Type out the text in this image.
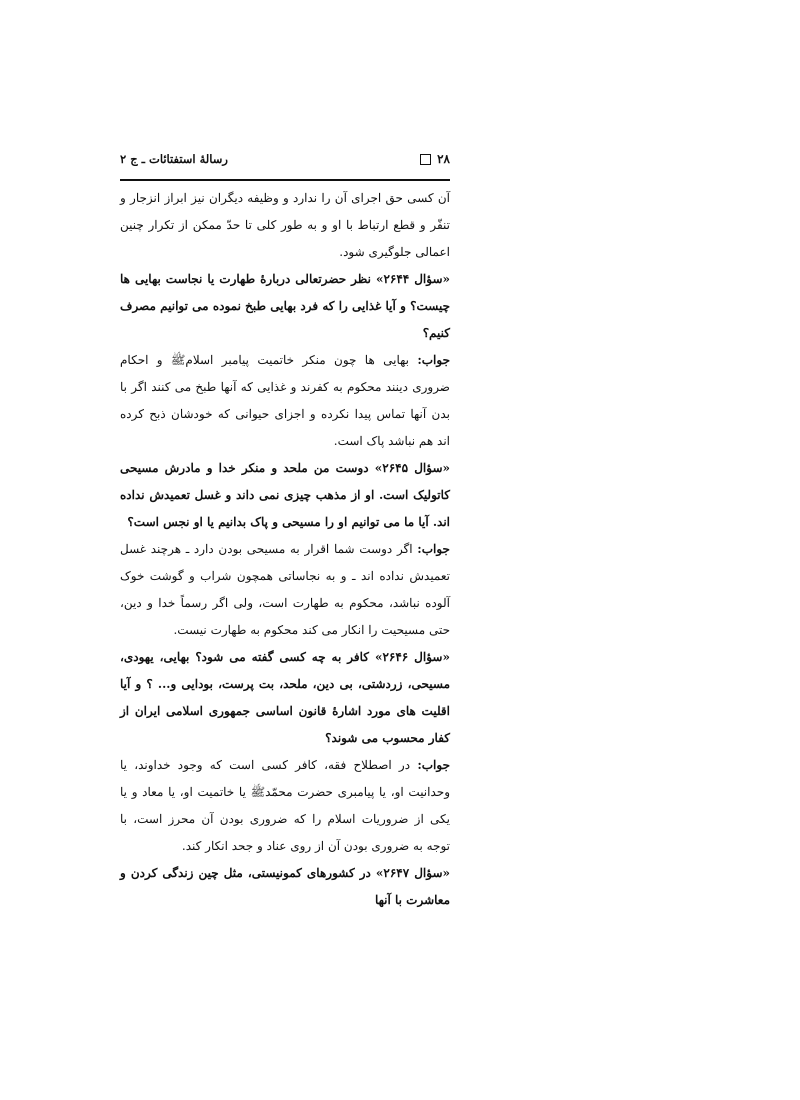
۲۸
رسالهٔ استفتائات ـ ج ۲

آن کسی حق اجرای آن را ندارد و وظیفه دیگران نیز ابراز انزجار و تنفّر و قطع ارتباط با او و به طور کلی تا حدّ ممکن از تکرار چنین اعمالی جلوگیری شود.

«سؤال ۲۶۴۴» نظر حضرتعالی دربارهٔ طهارت یا نجاست بهایی ها چیست؟ و آیا غذایی را که فرد بهایی طبخ نموده می توانیم مصرف کنیم؟

جواب: بهایی ها چون منکر خاتمیت پیامبر اسلامﷺ و احکام ضروری دینند محکوم به کفرند و غذایی که آنها طبخ می کنند اگر با بدن آنها تماس پیدا نکرده و اجزای حیوانی که خودشان ذبح کرده اند هم نباشد پاک است.

«سؤال ۲۶۴۵» دوست من ملحد و منکر خدا و مادرش مسیحی کاتولیک است. او از مذهب چیزی نمی داند و غسل تعمیدش نداده اند. آیا ما می توانیم او را مسیحی و پاک بدانیم یا او نجس است؟

جواب: اگر دوست شما اقرار به مسیحی بودن دارد ـ هرچند غسل تعمیدش نداده اند ـ و به نجاساتی همچون شراب و گوشت خوک آلوده نباشد، محکوم به طهارت است، ولی اگر رسماً خدا و دین، حتی مسیحیت را انکار می کند محکوم به طهارت نیست.

«سؤال ۲۶۴۶» کافر به چه کسی گفته می شود؟ بهایی، یهودی، مسیحی، زردشتی، بی دین، ملحد، بت پرست، بودایی و... ؟ و آیا اقلیت های مورد اشارهٔ قانون اساسی جمهوری اسلامی ایران از کفار محسوب می شوند؟

جواب: در اصطلاح فقه، کافر کسی است که وجود خداوند، یا وحدانیت او، یا پیامبری حضرت محمّدﷺ یا خاتمیت او، یا معاد و یا یکی از ضروریات اسلام را که ضروری بودن آن محرز است، با توجه به ضروری بودن آن از روی عناد و جحد انکار کند.

«سؤال ۲۶۴۷» در کشورهای کمونیستی، مثل چین زندگی کردن و معاشرت با آنها
